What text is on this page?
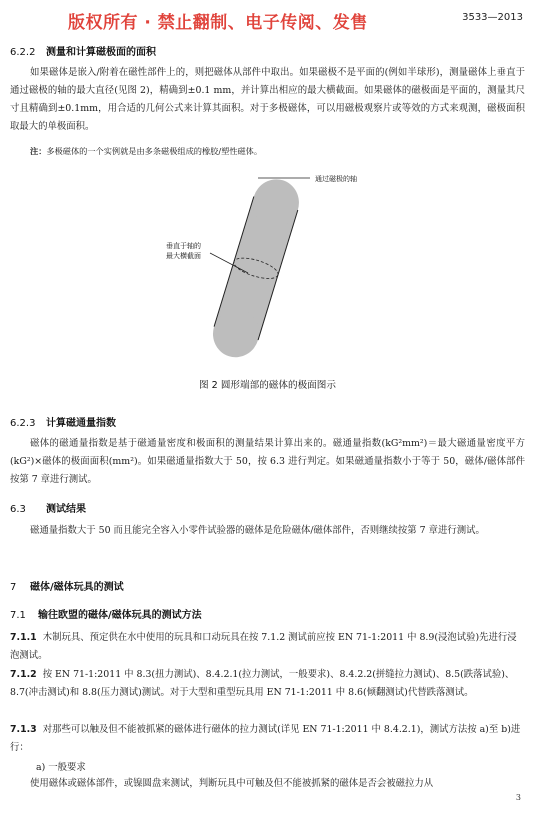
版权所有 · 禁止翻制、电子传阅、发售	3533—2013
6.2.2 测量和计算磁极面的面积
如果磁体是嵌入/附着在磁性部件上的，则把磁体从部件中取出。如果磁极不是平面的(例如半球形)，测量磁体上垂直于通过磁极的轴的最大直径(见图 2)，精确到±0.1 mm，并计算出相应的最大横截面。如果磁体的磁极面是平面的，测量其尺寸且精确到±0.1mm，用合适的几何公式来计算其面积。对于多极磁体，可以用磁极观察片或等效的方式来观测，磁极面积取最大的单极面积。
注：多极磁体的一个实例就是由多条磁极组成的橡胶/塑性磁体。
通过磁极的轴
垂直于轴的
最大横截面
图 2 圆形端部的磁体的极面图示
6.2.3 计算磁通量指数
磁体的磁通量指数是基于磁通量密度和极面积的测量结果计算出来的。磁通量指数(kG²mm²)＝最大磁通量密度平方(kG²)×磁体的极面面积(mm²)。如果磁通量指数大于 50，按 6.3 进行判定。如果磁通量指数小于等于 50，磁体/磁体部件按第 7 章进行测试。
6.3 测试结果
磁通量指数大于 50 而且能完全容入小零件试验器的磁体是危险磁体/磁体部件，否则继续按第 7 章进行测试。
7 磁体/磁体玩具的测试
7.1 输往欧盟的磁体/磁体玩具的测试方法
7.1.1 木制玩具、预定供在水中使用的玩具和口动玩具在按 7.1.2 测试前应按 EN 71-1:2011 中 8.9(浸泡试验)先进行浸泡测试。
7.1.2 按 EN 71-1:2011 中 8.3(扭力测试)、8.4.2.1(拉力测试，一般要求)、8.4.2.2(拼缝拉力测试)、8.5(跌落试验)、8.7(冲击测试)和 8.8(压力测试)测试。对于大型和重型玩具用 EN 71-1:2011 中 8.6(倾翻测试)代替跌落测试。
7.1.3 对那些可以触及但不能被抓紧的磁体进行磁体的拉力测试(详见 EN 71-1:2011 中 8.4.2.1)，测试方法按 a)至 b)进行：
a) 一般要求
使用磁体或磁体部件，或镍圆盘来测试，判断玩具中可触及但不能被抓紧的磁体是否会被磁拉力从
3
